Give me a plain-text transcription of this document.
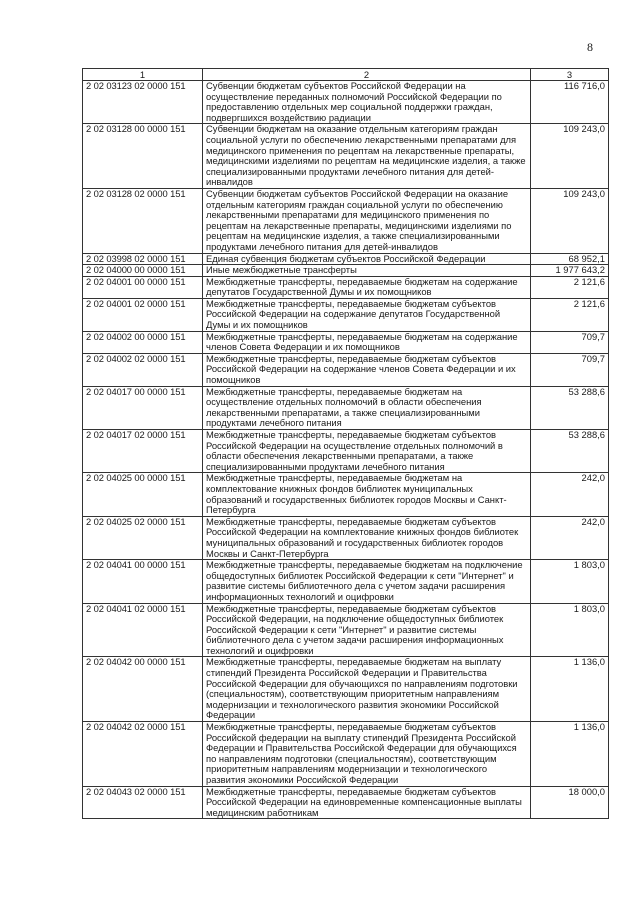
8
1	2	3
2 02 03123 02 0000 151	Субвенции бюджетам субъектов Российской Федерации на осуществление переданных полномочий Российской Федерации по предоставлению отдельных мер социальной поддержки граждан, подвергшихся воздействию радиации	116 716,0
2 02 03128 00 0000 151	Субвенции бюджетам на оказание отдельным категориям граждан социальной услуги по обеспечению лекарственными препаратами для медицинского применения по рецептам на лекарственные препараты, медицинскими изделиями по рецептам на медицинские изделия, а также специализированными продуктами лечебного питания для детей-инвалидов	109 243,0
2 02 03128 02 0000 151	Субвенции бюджетам субъектов Российской Федерации на оказание отдельным категориям граждан социальной услуги по обеспечению лекарственными препаратами для медицинского применения по рецептам на лекарственные препараты, медицинскими изделиями по рецептам на медицинские изделия, а также специализированными продуктами лечебного питания для детей-инвалидов	109 243,0
2 02 03998 02 0000 151	Единая субвенция бюджетам субъектов Российской Федерации	68 952,1
2 02 04000 00 0000 151	Иные межбюджетные трансферты	1 977 643,2
2 02 04001 00 0000 151	Межбюджетные трансферты, передаваемые бюджетам на содержание депутатов Государственной Думы и их помощников	2 121,6
2 02 04001 02 0000 151	Межбюджетные трансферты, передаваемые бюджетам субъектов Российской Федерации на содержание депутатов Государственной Думы и их помощников	2 121,6
2 02 04002 00 0000 151	Межбюджетные трансферты, передаваемые бюджетам на содержание членов Совета Федерации и их помощников	709,7
2 02 04002 02 0000 151	Межбюджетные трансферты, передаваемые бюджетам субъектов Российской Федерации на содержание членов Совета Федерации и их помощников	709,7
2 02 04017 00 0000 151	Межбюджетные трансферты, передаваемые бюджетам на осуществление отдельных полномочий в области обеспечения лекарственными препаратами, а также специализированными продуктами лечебного питания	53 288,6
2 02 04017 02 0000 151	Межбюджетные трансферты, передаваемые бюджетам субъектов Российской Федерации на осуществление отдельных полномочий в области обеспечения лекарственными препаратами, а также специализированными продуктами лечебного питания	53 288,6
2 02 04025 00 0000 151	Межбюджетные трансферты, передаваемые бюджетам на комплектование книжных фондов библиотек муниципальных образований и государственных библиотек городов Москвы и Санкт-Петербурга	242,0
2 02 04025 02 0000 151	Межбюджетные трансферты, передаваемые бюджетам субъектов Российской Федерации на комплектование книжных фондов библиотек муниципальных образований и государственных библиотек городов Москвы и Санкт-Петербурга	242,0
2 02 04041 00 0000 151	Межбюджетные трансферты, передаваемые бюджетам на подключение общедоступных библиотек Российской Федерации к сети "Интернет" и развитие системы библиотечного дела с учетом задачи расширения информационных технологий и оцифровки	1 803,0
2 02 04041 02 0000 151	Межбюджетные трансферты, передаваемые бюджетам субъектов Российской Федерации, на подключение общедоступных библиотек Российской Федерации к сети "Интернет" и развитие системы библиотечного дела с учетом задачи расширения информационных технологий и оцифровки	1 803,0
2 02 04042 00 0000 151	Межбюджетные трансферты, передаваемые бюджетам на выплату стипендий Президента Российской Федерации и Правительства Российской Федерации для обучающихся по направлениям подготовки (специальностям), соответствующим приоритетным направлениям модернизации и технологического развития экономики Российской Федерации	1 136,0
2 02 04042 02 0000 151	Межбюджетные трансферты, передаваемые бюджетам субъектов Российской федерации на выплату стипендий Президента Российской Федерации и Правительства Российской Федерации для обучающихся по направлениям подготовки (специальностям), соответствующим приоритетным направлениям модернизации и технологического развития экономики Российской Федерации	1 136,0
2 02 04043 02 0000 151	Межбюджетные трансферты, передаваемые бюджетам субъектов Российской Федерации на единовременные компенсационные выплаты медицинским работникам	18 000,0
